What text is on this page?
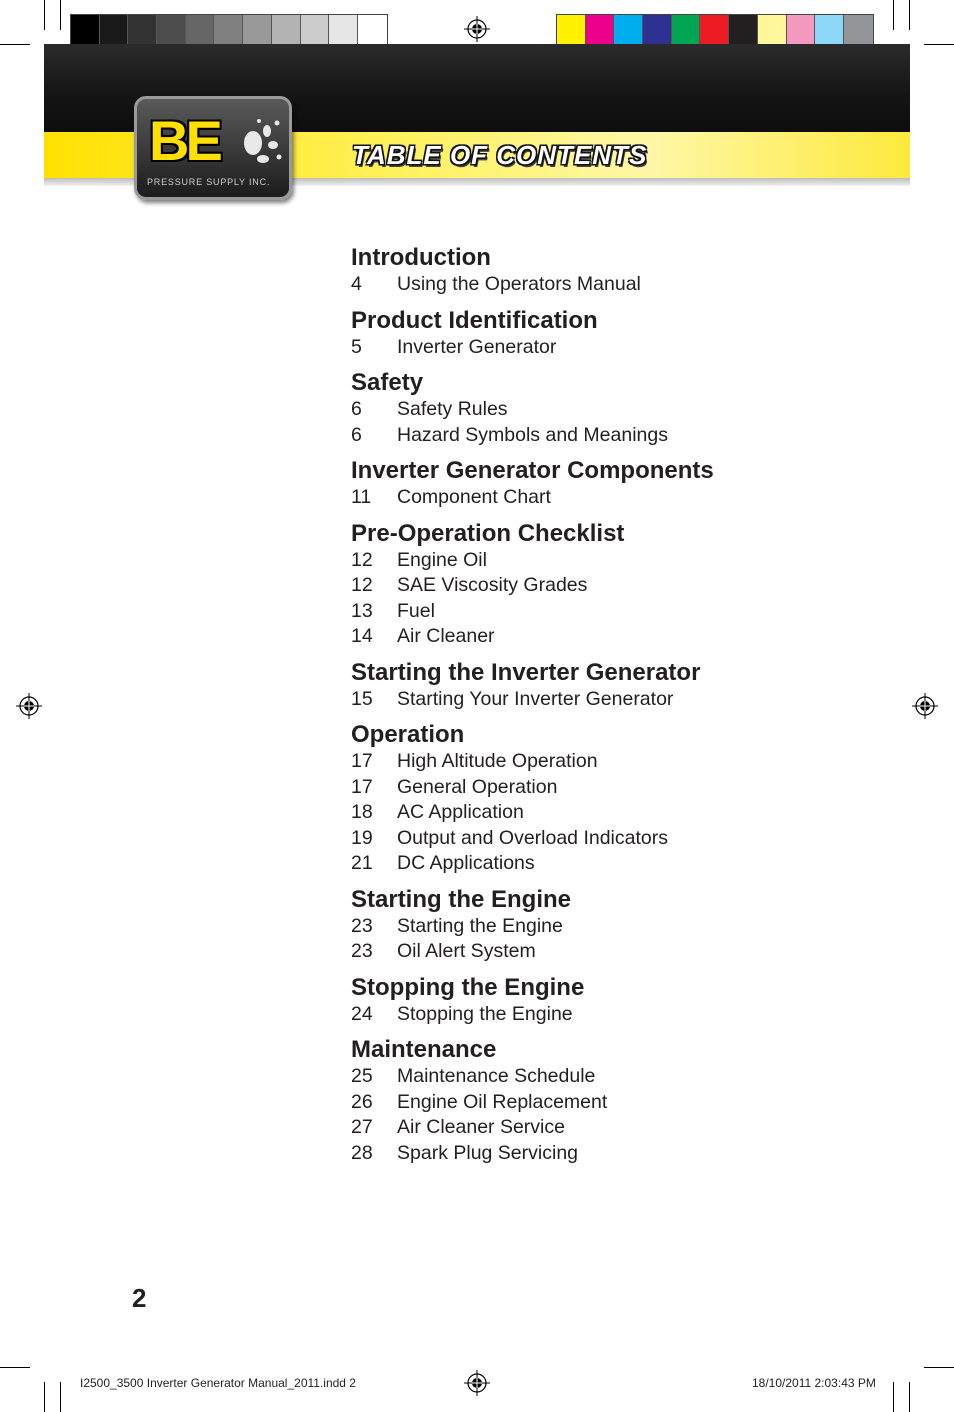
TABLE OF CONTENTS
BE
PRESSURE SUPPLY INC.
Introduction
4	Using the Operators Manual
Product Identification
5	Inverter Generator
Safety
6	Safety Rules
6	Hazard Symbols and Meanings
Inverter Generator Components
11	Component Chart
Pre-Operation Checklist
12	Engine Oil
12	SAE Viscosity Grades
13	Fuel
14	Air Cleaner
Starting the Inverter Generator
15	Starting Your Inverter Generator
Operation
17	High Altitude Operation
17	General Operation
18	AC Application
19	Output and Overload Indicators
21	DC Applications
Starting the Engine
23	Starting the Engine
23	Oil Alert System
Stopping the Engine
24	Stopping the Engine
Maintenance
25	Maintenance Schedule
26	Engine Oil Replacement
27	Air Cleaner Service
28	Spark Plug Servicing
2
I2500_3500 Inverter Generator Manual_2011.indd 2	18/10/2011 2:03:43 PM
